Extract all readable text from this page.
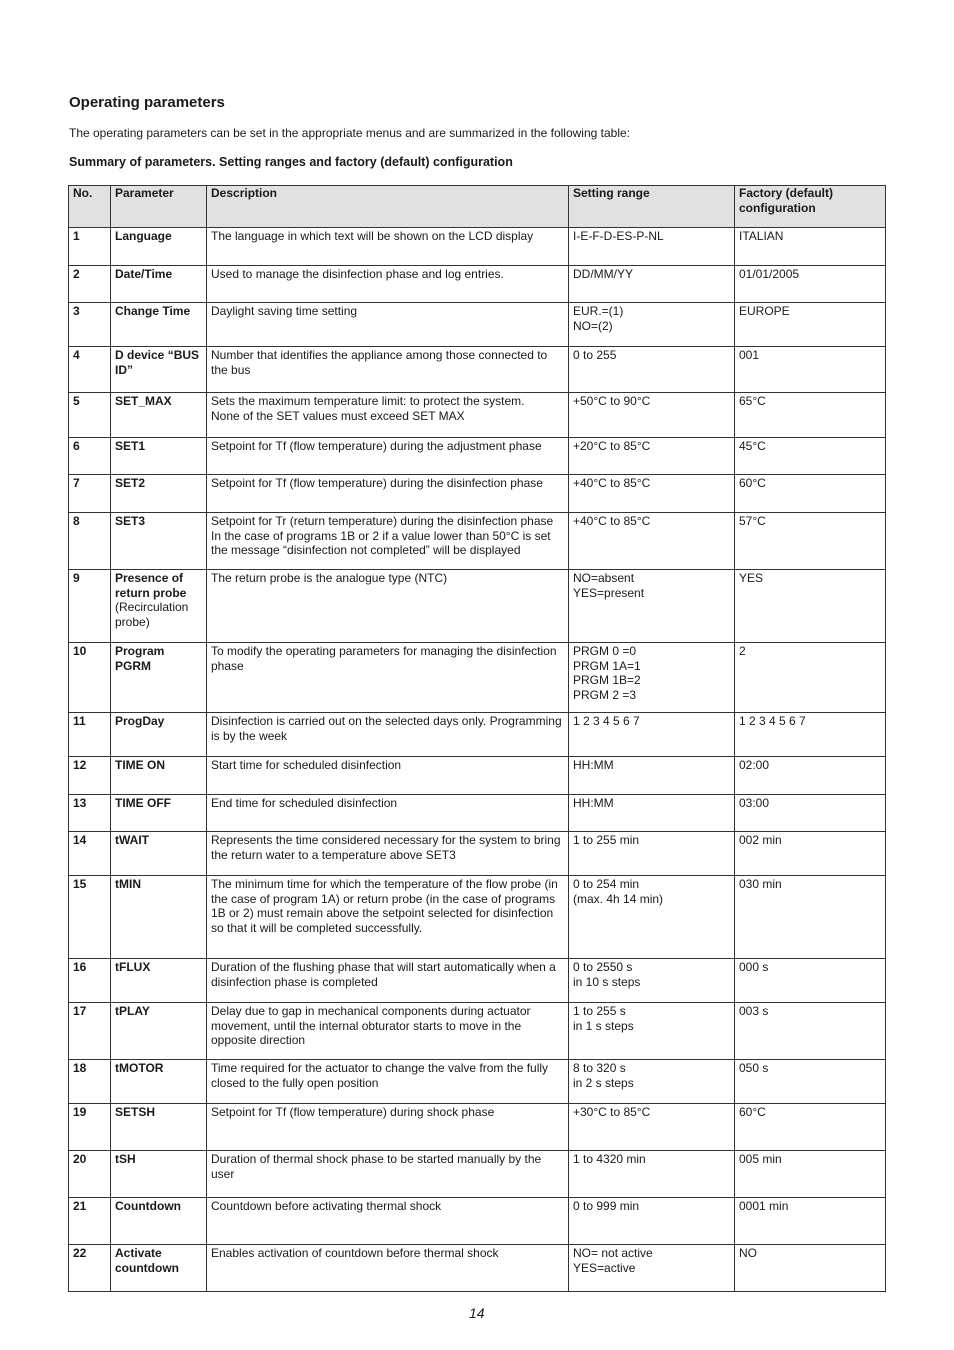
Operating parameters

The operating parameters can be set in the appropriate menus and are summarized in the following table:

Summary of parameters. Setting ranges and factory (default) configuration
No.	Parameter	Description	Setting range	Factory (default) configuration
1	Language	The language in which text will be shown on the LCD display	I-E-F-D-ES-P-NL	ITALIAN
2	Date/Time	Used to manage the disinfection phase and log entries.	DD/MM/YY	01/01/2005
3	Change Time	Daylight saving time setting	EUR.=(1)
NO=(2)	EUROPE
4	D device “BUS ID”	Number that identifies the appliance among those connected to the bus	0 to 255	001
5	SET_MAX	Sets the maximum temperature limit: to protect the system.
None of the SET values must exceed SET MAX	+50°C to 90°C	65°C
6	SET1	Setpoint for Tf (flow temperature) during the adjustment phase	+20°C to 85°C	45°C
7	SET2	Setpoint for Tf (flow temperature) during the disinfection phase	+40°C to 85°C	60°C
8	SET3	Setpoint for Tr (return temperature) during the disinfection phase
In the case of programs 1B or 2 if a value lower than 50°C is set the message “disinfection not completed” will be displayed	+40°C to 85°C	57°C
9	Presence of return probe
(Recirculation probe)	The return probe is the analogue type (NTC)	NO=absent
YES=present	YES
10	Program PGRM	To modify the operating parameters for managing the disinfection phase	PRGM 0 =0
PRGM 1A=1
PRGM 1B=2
PRGM 2 =3	2
11	ProgDay	Disinfection is carried out on the selected days only. Programming is by the week	1 2 3 4 5 6 7	1 2 3 4 5 6 7
12	TIME ON	Start time for scheduled disinfection	HH:MM	02:00
13	TIME OFF	End time for scheduled disinfection	HH:MM	03:00
14	tWAIT	Represents the time considered necessary for the system to bring the return water to a temperature above SET3	1 to 255 min	002 min
15	tMIN	The minimum time for which the temperature of the flow probe (in the case of program 1A) or return probe (in the case of programs 1B or 2) must remain above the setpoint selected for disinfection so that it will be completed successfully.	0 to 254 min
(max. 4h 14 min)	030 min
16	tFLUX	Duration of the flushing phase that will start automatically when a disinfection phase is completed	0 to 2550 s
in 10 s steps	000 s
17	tPLAY	Delay due to gap in mechanical components during actuator movement, until the internal obturator starts to move in the opposite direction	1 to 255 s
in 1 s steps	003 s
18	tMOTOR	Time required for the actuator to change the valve from the fully closed to the fully open position	8 to 320 s
in 2 s steps	050 s
19	SETSH	Setpoint for Tf (flow temperature) during shock phase	+30°C to 85°C	60°C
20	tSH	Duration of thermal shock phase to be started manually by the user	1 to 4320 min	005 min
21	Countdown	Countdown before activating thermal shock	0 to 999 min	0001 min
22	Activate countdown	Enables activation of countdown before thermal shock	NO= not active
YES=active	NO

14
